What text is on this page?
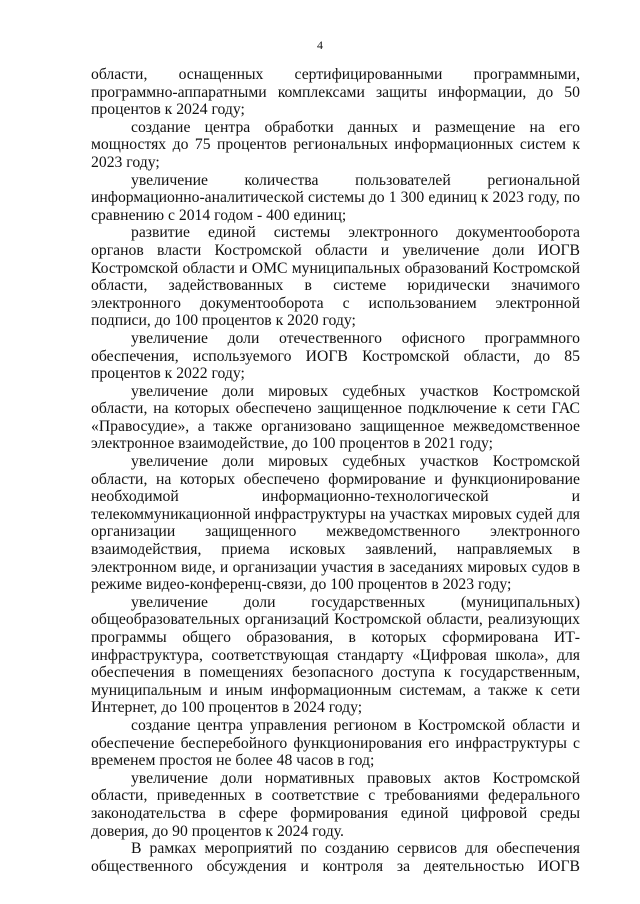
4

области, оснащенных сертифицированными программными, программно-аппаратными комплексами защиты информации, до 50 процентов к 2024 году;

создание центра обработки данных и размещение на его мощностях до 75 процентов региональных информационных систем к 2023 году;

увеличение количества пользователей региональной информационно-аналитической системы до 1 300 единиц к 2023 году, по сравнению с 2014 годом - 400 единиц;

развитие единой системы электронного документооборота органов власти Костромской области и увеличение доли ИОГВ Костромской области и ОМС муниципальных образований Костромской области, задействованных в системе юридически значимого электронного документооборота с использованием электронной подписи, до 100 процентов к 2020 году;

увеличение доли отечественного офисного программного обеспечения, используемого ИОГВ Костромской области, до 85 процентов к 2022 году;

увеличение доли мировых судебных участков Костромской области, на которых обеспечено защищенное подключение к сети ГАС «Правосудие», а также организовано защищенное межведомственное электронное взаимодействие, до 100 процентов в 2021 году;

увеличение доли мировых судебных участков Костромской области, на которых обеспечено формирование и функционирование необходимой информационно-технологической и телекоммуникационной инфраструктуры на участках мировых судей для организации защищенного межведомственного электронного взаимодействия, приема исковых заявлений, направляемых в электронном виде, и организации участия в заседаниях мировых судов в режиме видео-конференц-связи, до 100 процентов в 2023 году;

увеличение доли государственных (муниципальных) общеобразовательных организаций Костромской области, реализующих программы общего образования, в которых сформирована ИТ-инфраструктура, соответствующая стандарту «Цифровая школа», для обеспечения в помещениях безопасного доступа к государственным, муниципальным и иным информационным системам, а также к сети Интернет, до 100 процентов в 2024 году;

создание центра управления регионом в Костромской области и обеспечение бесперебойного функционирования его инфраструктуры с временем простоя не более 48 часов в год;

увеличение доли нормативных правовых актов Костромской области, приведенных в соответствие с требованиями федерального законодательства в сфере формирования единой цифровой среды доверия, до 90 процентов к 2024 году.

В рамках мероприятий по созданию сервисов для обеспечения общественного обсуждения и контроля за деятельностью ИОГВ
